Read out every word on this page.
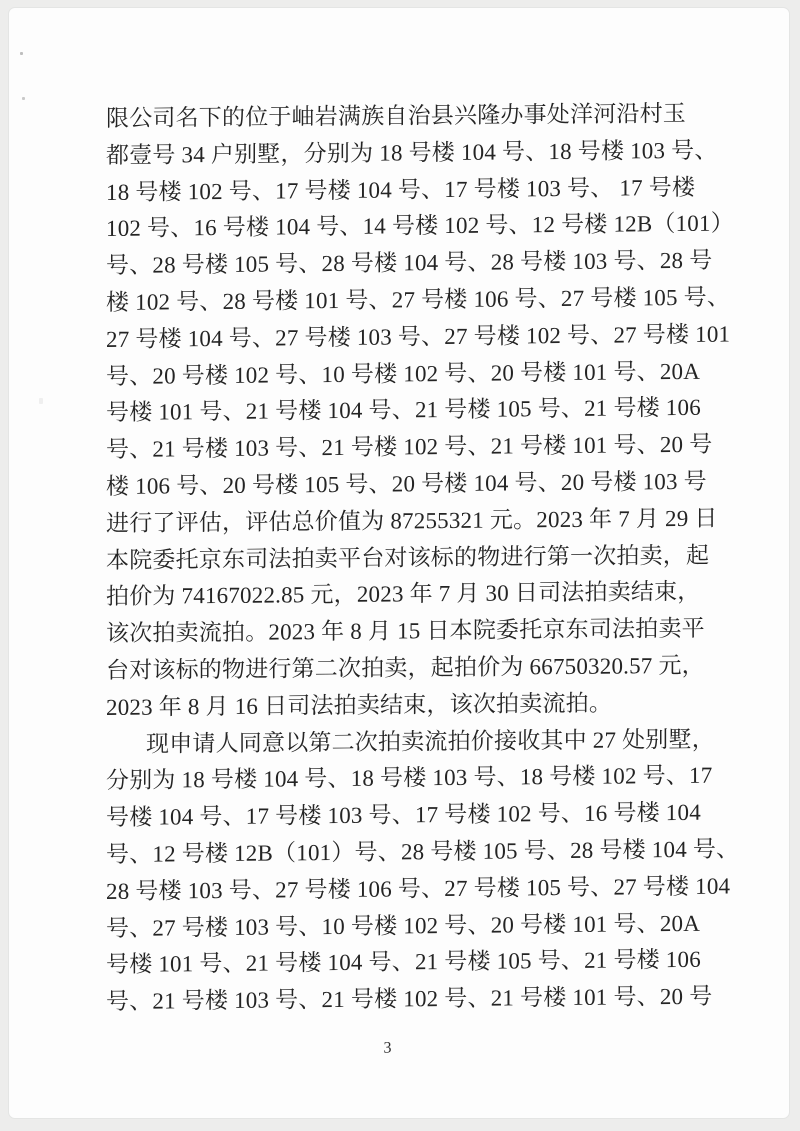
限公司名下的位于岫岩满族自治县兴隆办事处洋河沿村玉
都壹号 34 户别墅，分别为 18 号楼 104 号、18 号楼 103 号、
18 号楼 102 号、17 号楼 104 号、17 号楼 103 号、 17 号楼
102 号、16 号楼 104 号、14 号楼 102 号、12 号楼 12B（101）
号、28 号楼 105 号、28 号楼 104 号、28 号楼 103 号、28 号
楼 102 号、28 号楼 101 号、27 号楼 106 号、27 号楼 105 号、
27 号楼 104 号、27 号楼 103 号、27 号楼 102 号、27 号楼 101
号、20 号楼 102 号、10 号楼 102 号、20 号楼 101 号、20A
号楼 101 号、21 号楼 104 号、21 号楼 105 号、21 号楼 106
号、21 号楼 103 号、21 号楼 102 号、21 号楼 101 号、20 号
楼 106 号、20 号楼 105 号、20 号楼 104 号、20 号楼 103 号
进行了评估，评估总价值为 87255321 元。2023 年 7 月 29 日
本院委托京东司法拍卖平台对该标的物进行第一次拍卖，起
拍价为 74167022.85 元，2023 年 7 月 30 日司法拍卖结束，
该次拍卖流拍。2023 年 8 月 15 日本院委托京东司法拍卖平
台对该标的物进行第二次拍卖，起拍价为 66750320.57 元，
2023 年 8 月 16 日司法拍卖结束，该次拍卖流拍。
现申请人同意以第二次拍卖流拍价接收其中 27 处别墅，
分别为 18 号楼 104 号、18 号楼 103 号、18 号楼 102 号、17
号楼 104 号、17 号楼 103 号、17 号楼 102 号、16 号楼 104
号、12 号楼 12B（101）号、28 号楼 105 号、28 号楼 104 号、
28 号楼 103 号、27 号楼 106 号、27 号楼 105 号、27 号楼 104
号、27 号楼 103 号、10 号楼 102 号、20 号楼 101 号、20A
号楼 101 号、21 号楼 104 号、21 号楼 105 号、21 号楼 106
号、21 号楼 103 号、21 号楼 102 号、21 号楼 101 号、20 号
3
